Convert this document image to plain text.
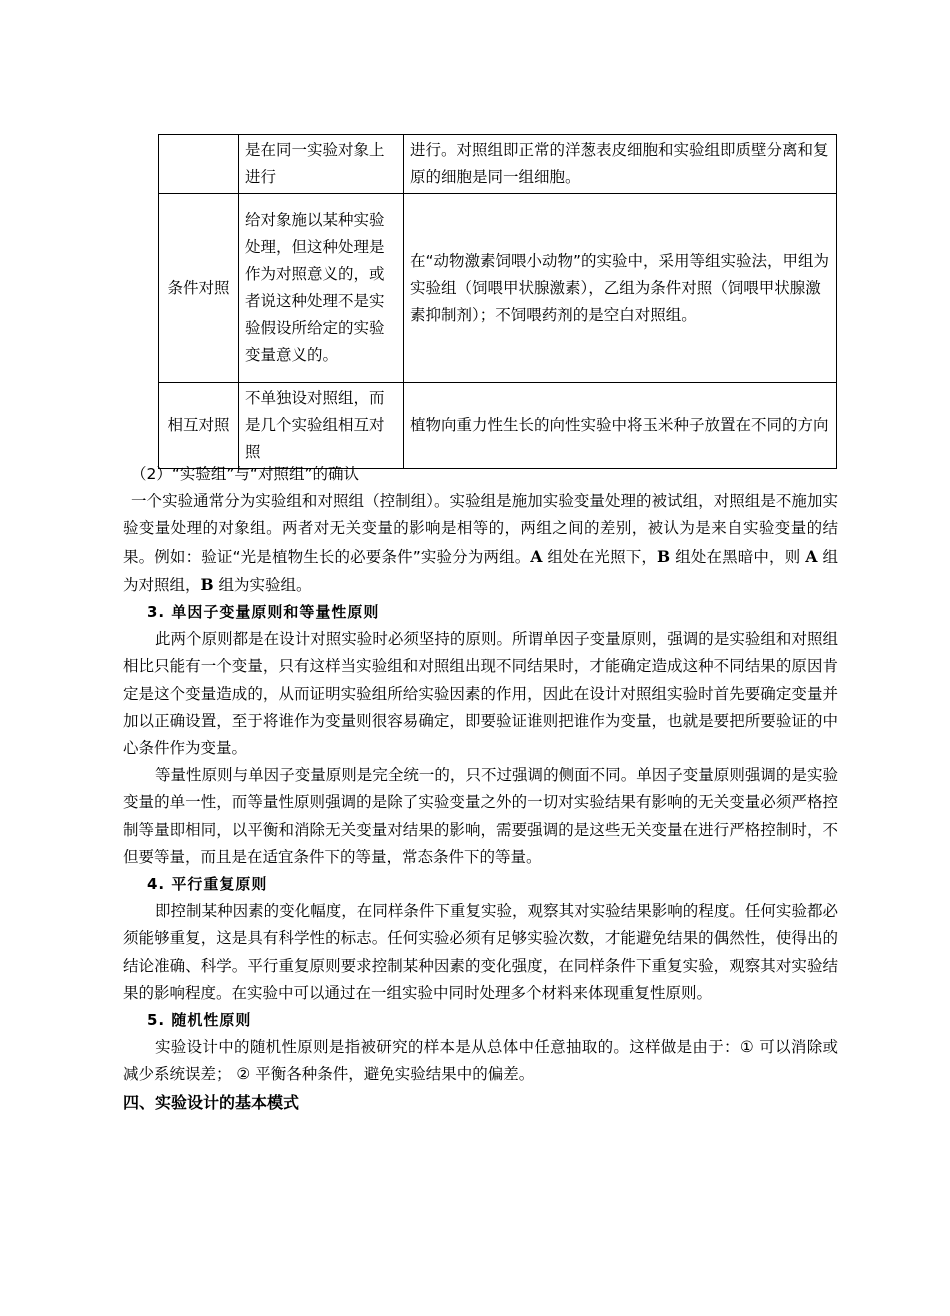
	是在同一实验对象上进行	进行。对照组即正常的洋葱表皮细胞和实验组即质壁分离和复原的细胞是同一组细胞。
条件对照	给对象施以某种实验处理，但这种处理是作为对照意义的，或者说这种处理不是实验假设所给定的实验变量意义的。	在“动物激素饲喂小动物”的实验中，采用等组实验法，甲组为实验组（饲喂甲状腺激素），乙组为条件对照（饲喂甲状腺激素抑制剂）；不饲喂药剂的是空白对照组。
相互对照	不单独设对照组，而是几个实验组相互对照	植物向重力性生长的向性实验中将玉米种子放置在不同的方向

（2）“实验组”与“对照组”的确认

一个实验通常分为实验组和对照组（控制组）。实验组是施加实验变量处理的被试组，对照组是不施加实验变量处理的对象组。两者对无关变量的影响是相等的，两组之间的差别，被认为是来自实验变量的结果。例如：验证“光是植物生长的必要条件”实验分为两组。A 组处在光照下，B 组处在黑暗中，则 A 组为对照组，B 组为实验组。

3. 单因子变量原则和等量性原则

此两个原则都是在设计对照实验时必须坚持的原则。所谓单因子变量原则，强调的是实验组和对照组相比只能有一个变量，只有这样当实验组和对照组出现不同结果时，才能确定造成这种不同结果的原因肯定是这个变量造成的，从而证明实验组所给实验因素的作用，因此在设计对照组实验时首先要确定变量并加以正确设置，至于将谁作为变量则很容易确定，即要验证谁则把谁作为变量，也就是要把所要验证的中心条件作为变量。

等量性原则与单因子变量原则是完全统一的，只不过强调的侧面不同。单因子变量原则强调的是实验变量的单一性，而等量性原则强调的是除了实验变量之外的一切对实验结果有影响的无关变量必须严格控制等量即相同，以平衡和消除无关变量对结果的影响，需要强调的是这些无关变量在进行严格控制时，不但要等量，而且是在适宜条件下的等量，常态条件下的等量。

4. 平行重复原则

即控制某种因素的变化幅度，在同样条件下重复实验，观察其对实验结果影响的程度。任何实验都必须能够重复，这是具有科学性的标志。任何实验必须有足够实验次数，才能避免结果的偶然性，使得出的结论准确、科学。平行重复原则要求控制某种因素的变化强度，在同样条件下重复实验，观察其对实验结果的影响程度。在实验中可以通过在一组实验中同时处理多个材料来体现重复性原则。

5. 随机性原则

实验设计中的随机性原则是指被研究的样本是从总体中任意抽取的。这样做是由于：① 可以消除或减少系统误差； ② 平衡各种条件，避免实验结果中的偏差。

四、实验设计的基本模式
